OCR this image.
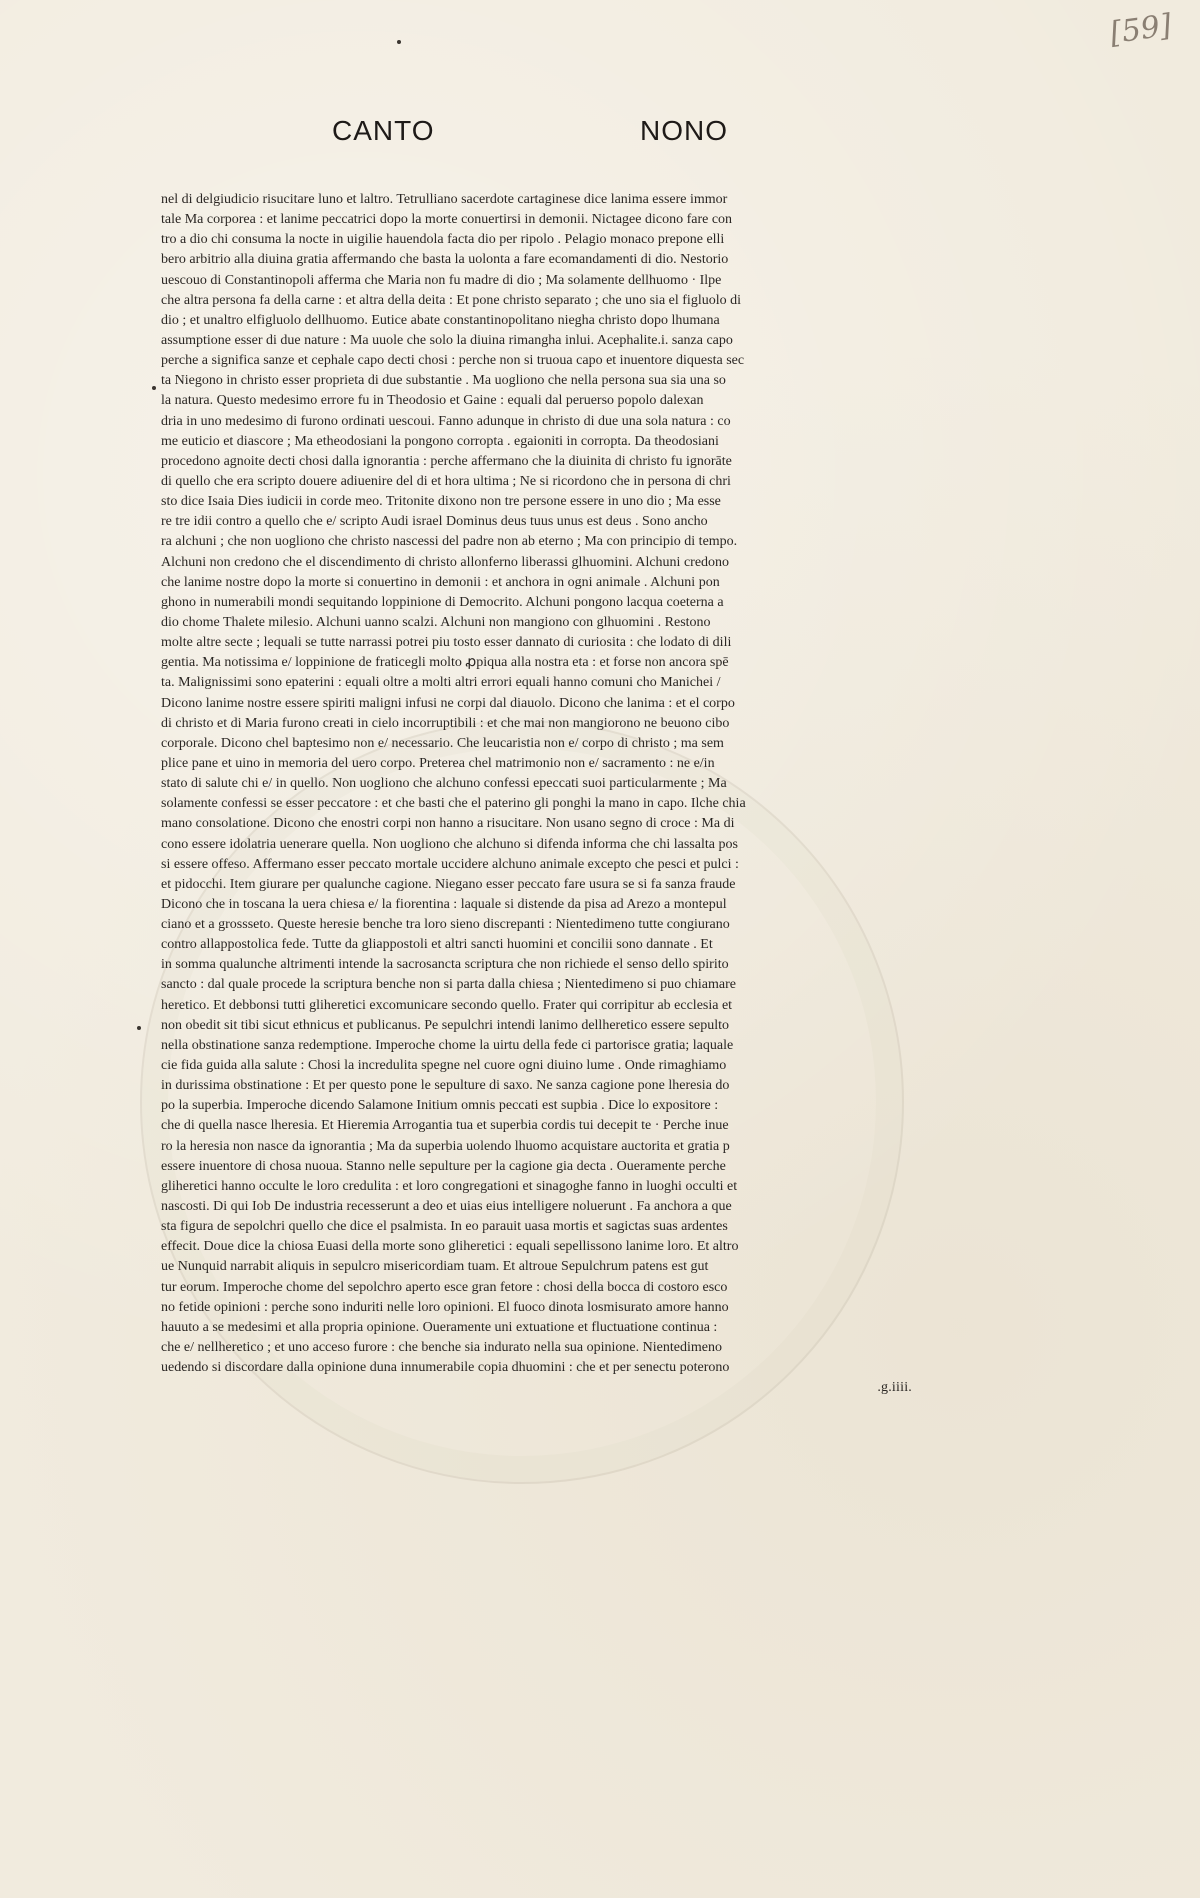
[59]
CANTO	NONO
nel di delgiudicio risucitare luno et laltro. Tetrulliano sacerdote cartaginese dice lanima essere immor
tale Ma corporea : et lanime peccatrici dopo la morte conuertirsi in demonii. Nictagee dicono fare con
tro a dio chi consuma la nocte in uigilie hauendola facta dio per ripolo . Pelagio monaco prepone elli
bero arbitrio alla diuina gratia affermando che basta la uolonta a fare ecomandamenti di dio. Nestorio
uescouo di Constantinopoli afferma che Maria non fu madre di dio ; Ma solamente dellhuomo · Ilpe
che altra persona fa della carne : et altra della deita : Et pone christo separato ; che uno sia el figluolo di
dio ; et unaltro elfigluolo dellhuomo. Eutice abate constantinopolitano niegha christo dopo lhumana
assumptione esser di due nature : Ma uuole che solo la diuina rimangha inlui. Acephalite.i. sanza capo
perche a significa sanze et cephale capo decti chosi : perche non si truoua capo et inuentore diquesta sec
ta Niegono in christo esser proprieta di due substantie . Ma uogliono che nella persona sua sia una so
la natura. Questo medesimo errore fu in Theodosio et Gaine : equali dal peruerso popolo dalexan
dria in uno medesimo di furono ordinati uescoui. Fanno adunque in christo di due una sola natura : co
me euticio et diascore ; Ma etheodosiani la pongono corropta . egaioniti in corropta. Da theodosiani
procedono agnoite decti chosi dalla ignorantia : perche affermano che la diuinita di christo fu ignorāte
di quello che era scripto douere adiuenire del di et hora ultima ; Ne si ricordono che in persona di chri
sto dice Isaia Dies iudicii in corde meo. Tritonite dixono non tre persone essere in uno dio ; Ma esse
re tre idii contro a quello che e/ scripto Audi israel Dominus deus tuus unus est deus . Sono ancho
ra alchuni ; che non uogliono che christo nascessi del padre non ab eterno ; Ma con principio di tempo.
Alchuni non credono che el discendimento di christo allonferno liberassi glhuomini. Alchuni credono
che lanime nostre dopo la morte si conuertino in demonii : et anchora in ogni animale . Alchuni pon
ghono in numerabili mondi sequitando loppinione di Democrito. Alchuni pongono lacqua coeterna a
dio chome Thalete milesio. Alchuni uanno scalzi. Alchuni non mangiono con glhuomini . Restono
molte altre secte ; lequali se tutte narrassi potrei piu tosto esser dannato di curiosita : che lodato di dili
gentia. Ma notissima e/ loppinione de fraticegli molto ꝓpiqua alla nostra eta : et forse non ancora spē
ta. Malignissimi sono epaterini : equali oltre a molti altri errori equali hanno comuni cho Manichei /
Dicono lanime nostre essere spiriti maligni infusi ne corpi dal diauolo. Dicono che lanima : et el corpo
di christo et di Maria furono creati in cielo incorruptibili : et che mai non mangiorono ne beuono cibo
corporale. Dicono chel baptesimo non e/ necessario. Che leucaristia non e/ corpo di christo ; ma sem
plice pane et uino in memoria del uero corpo. Preterea chel matrimonio non e/ sacramento : ne e/in
stato di salute chi e/ in quello. Non uogliono che alchuno confessi epeccati suoi particularmente ; Ma
solamente confessi se esser peccatore : et che basti che el paterino gli ponghi la mano in capo. Ilche chia
mano consolatione. Dicono che enostri corpi non hanno a risucitare. Non usano segno di croce : Ma di
cono essere idolatria uenerare quella. Non uogliono che alchuno si difenda informa che chi lassalta pos
si essere offeso. Affermano esser peccato mortale uccidere alchuno animale excepto che pesci et pulci :
et pidocchi. Item giurare per qualunche cagione. Niegano esser peccato fare usura se si fa sanza fraude
Dicono che in toscana la uera chiesa e/ la fiorentina : laquale si distende da pisa ad Arezo a montepul
ciano et a grossseto. Queste heresie benche tra loro sieno discrepanti : Nientedimeno tutte congiurano
contro allappostolica fede. Tutte da gliappostoli et altri sancti huomini et concilii sono dannate . Et
in somma qualunche altrimenti intende la sacrosancta scriptura che non richiede el senso dello spirito
sancto : dal quale procede la scriptura benche non si parta dalla chiesa ; Nientedimeno si puo chiamare
heretico. Et debbonsi tutti gliheretici excomunicare secondo quello. Frater qui corripitur ab ecclesia et
non obedit sit tibi sicut ethnicus et publicanus. Pe sepulchri intendi lanimo dellheretico essere sepulto
nella obstinatione sanza redemptione. Imperoche chome la uirtu della fede ci partorisce gratia; laquale
cie fida guida alla salute : Chosi la incredulita spegne nel cuore ogni diuino lume . Onde rimaghiamo
in durissima obstinatione : Et per questo pone le sepulture di saxo. Ne sanza cagione pone lheresia do
po la superbia. Imperoche dicendo Salamone Initium omnis peccati est supbia . Dice lo expositore :
che di quella nasce lheresia. Et Hieremia Arrogantia tua et superbia cordis tui decepit te · Perche inue
ro la heresia non nasce da ignorantia ; Ma da superbia uolendo lhuomo acquistare auctorita et gratia p
essere inuentore di chosa nuoua. Stanno nelle sepulture per la cagione gia decta . Oueramente perche
gliheretici hanno occulte le loro credulita : et loro congregationi et sinagoghe fanno in luoghi occulti et
nascosti. Di qui Iob De industria recesserunt a deo et uias eius intelligere noluerunt . Fa anchora a que
sta figura de sepolchri quello che dice el psalmista. In eo parauit uasa mortis et sagictas suas ardentes
effecit. Doue dice la chiosa Euasi della morte sono gliheretici : equali sepellissono lanime loro. Et altro
ue Nunquid narrabit aliquis in sepulcro misericordiam tuam. Et altroue Sepulchrum patens est gut
tur eorum. Imperoche chome del sepolchro aperto esce gran fetore : chosi della bocca di costoro esco
no fetide opinioni : perche sono induriti nelle loro opinioni. El fuoco dinota losmisurato amore hanno
hauuto a se medesimi et alla propria opinione. Oueramente uni extuatione et fluctuatione continua :
che e/ nellheretico ; et uno acceso furore : che benche sia indurato nella sua opinione. Nientedimeno
uedendo si discordare dalla opinione duna innumerabile copia dhuomini : che et per senectu poterono
.g.iiii.
